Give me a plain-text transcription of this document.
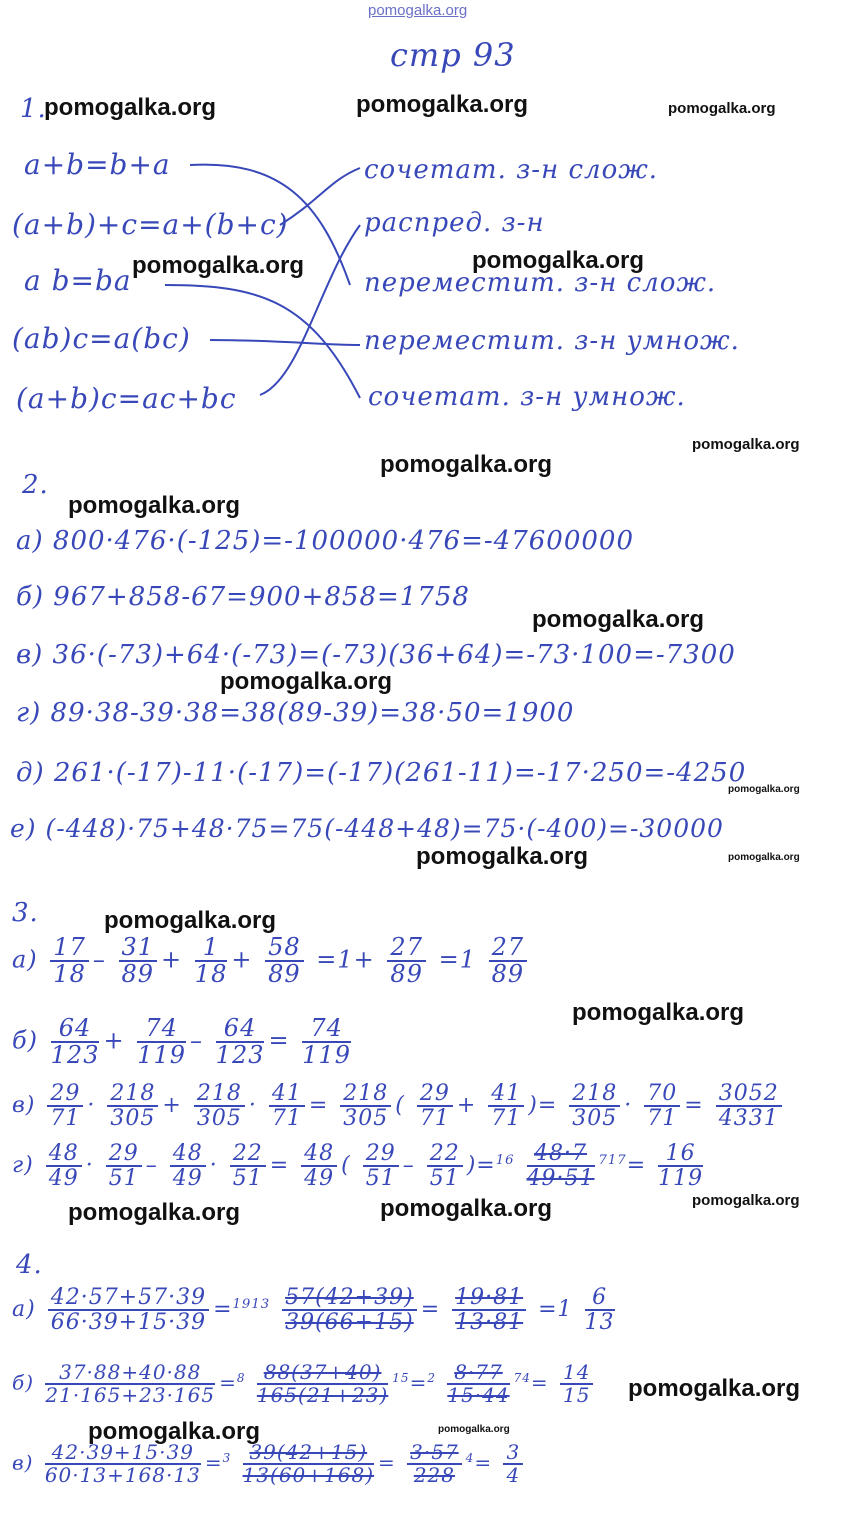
pomogalka.org
pomogalka.org	pomogalka.org	pomogalka.org
pomogalka.org	pomogalka.org
pomogalka.org
pomogalka.org
pomogalka.org
pomogalka.org
pomogalka.org
pomogalka.org
pomogalka.org	pomogalka.org
pomogalka.org
pomogalka.org
pomogalka.org
pomogalka.org	pomogalka.org
pomogalka.org
pomogalka.org	pomogalka.org
стр 93
1.
a+b=b+a
(a+b)+c=a+(b+c)
a b=ba
(ab)c=a(bc)
(a+b)c=ac+bc
сочетат. з-н слож.
распред. з-н
переместит. з-н слож.
переместит. з-н умнож.
сочетат. з-н умнож.
2.
а) 800·476·(-125)=-100000·476=-47600000
б) 967+858-67=900+858=1758
в) 36·(-73)+64·(-73)=(-73)(36+64)=-73·100=-7300
г) 89·38-39·38=38(89-39)=38·50=1900
д) 261·(-17)-11·(-17)=(-17)(261-11)=-17·250=-4250
е) (-448)·75+48·75=75(-448+48)=75·(-400)=-30000
3.
$а) \frac{17}{18} - \frac{31}{89} + \frac{1}{18} + \frac{58}{89} =1+ \frac{27}{89} =1 \frac{27}{89}$
$б) \frac{64}{123} + \frac{74}{119} - \frac{64}{123} = \frac{74}{119}$
$в) \frac{29}{71} \cdot \frac{218}{305} + \frac{218}{305} \cdot \frac{41}{71} = \frac{218}{305}$ ( $\frac{29}{71} + \frac{41}{71}$ )= $\frac{218}{305} \cdot \frac{70}{71} = \frac{3052}{4331}$
$г) \frac{48}{49} \cdot \frac{29}{51} - \frac{48}{49} \cdot \frac{22}{51} = \frac{48}{49}$ ( $\frac{29}{51} - \frac{22}{51} )=^{16} \frac{48\cdot 7}{49\cdot 51} ^{717}= \frac{16}{119}$
4.
$а) \frac{42\cdot 57+57\cdot 39}{66\cdot 39+15\cdot 39} =^{1913} \frac{57(42+39)}{39(66+15)} = \frac{19\cdot 81}{13\cdot 81} =1 \frac{6}{13}$
$б) \frac{37\cdot 88+40\cdot 88}{21\cdot 165+23\cdot 165} =^8 \frac{88(37+40)}{165(21+23)} ^{15}=^2 \frac{8\cdot 77}{15\cdot 44} ^{74}= \frac{14}{15}$
$в) \frac{42\cdot 39+15\cdot 39}{60\cdot 13+168\cdot 13} =^3 \frac{39(42+15)}{13(60+168)} = \frac{3\cdot 57}{228} ^4= \frac{3}{4}$
